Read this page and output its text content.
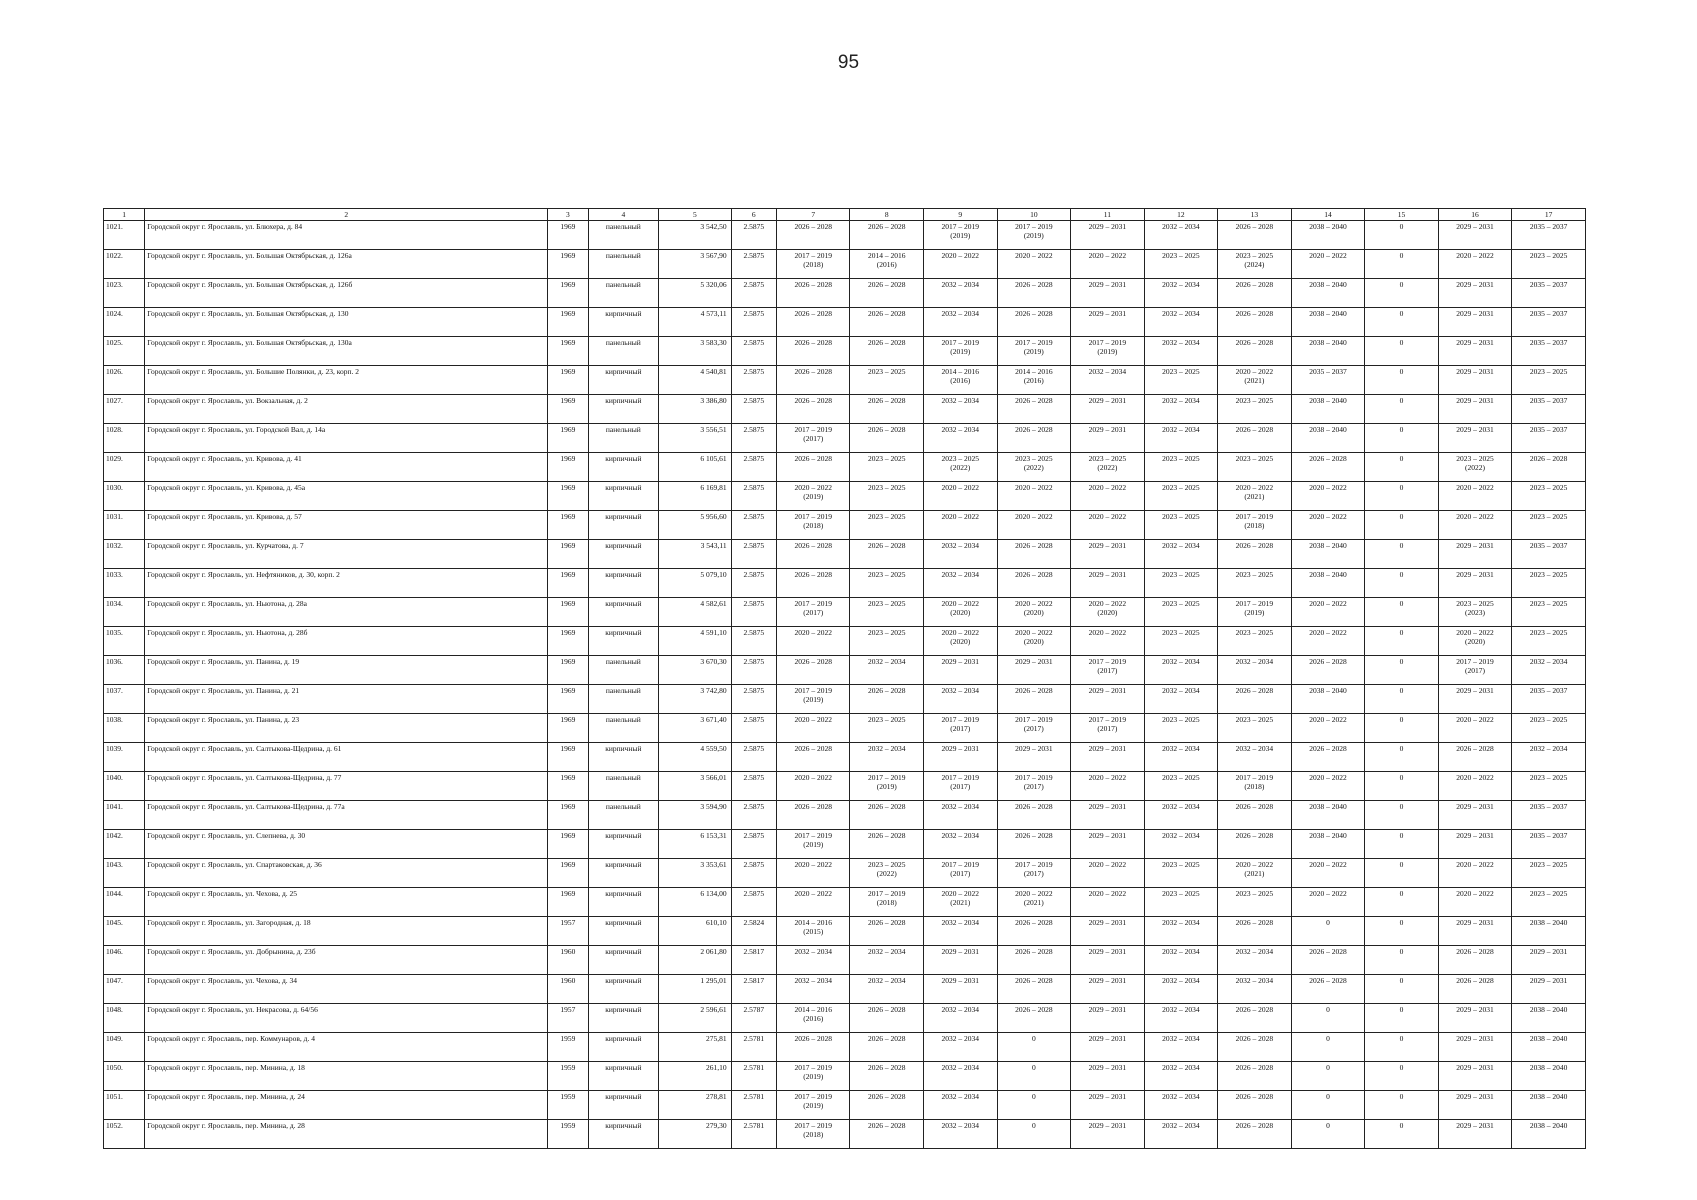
95
1	2	3	4	5	6	7	8	9	10	11	12	13	14	15	16	17

1021.	Городской округ г. Ярославль, ул. Блюхера, д. 84	1969	панельный	3 542,50	2.5875	2026 – 2028	2026 – 2028	2017 – 2019
(2019)	2017 – 2019
(2019)	2029 – 2031	2032 – 2034	2026 – 2028	2038 – 2040	0	2029 – 2031	2035 – 2037

1022.	Городской округ г. Ярославль, ул. Большая Октябрьская, д. 126а	1969	панельный	3 567,90	2.5875	2017 – 2019
(2018)	2014 – 2016
(2016)	2020 – 2022	2020 – 2022	2020 – 2022	2023 – 2025	2023 – 2025
(2024)	2020 – 2022	0	2020 – 2022	2023 – 2025

1023.	Городской округ г. Ярославль, ул. Большая Октябрьская, д. 126б	1969	панельный	5 320,06	2.5875	2026 – 2028	2026 – 2028	2032 – 2034	2026 – 2028	2029 – 2031	2032 – 2034	2026 – 2028	2038 – 2040	0	2029 – 2031	2035 – 2037

1024.	Городской округ г. Ярославль, ул. Большая Октябрьская, д. 130	1969	кирпичный	4 573,11	2.5875	2026 – 2028	2026 – 2028	2032 – 2034	2026 – 2028	2029 – 2031	2032 – 2034	2026 – 2028	2038 – 2040	0	2029 – 2031	2035 – 2037

1025.	Городской округ г. Ярославль, ул. Большая Октябрьская, д. 130а	1969	панельный	3 583,30	2.5875	2026 – 2028	2026 – 2028	2017 – 2019
(2019)	2017 – 2019
(2019)	2017 – 2019
(2019)	2032 – 2034	2026 – 2028	2038 – 2040	0	2029 – 2031	2035 – 2037

1026.	Городской округ г. Ярославль, ул. Большие Полянки, д. 23, корп. 2	1969	кирпичный	4 540,81	2.5875	2026 – 2028	2023 – 2025	2014 – 2016
(2016)	2014 – 2016
(2016)	2032 – 2034	2023 – 2025	2020 – 2022
(2021)	2035 – 2037	0	2029 – 2031	2023 – 2025

1027.	Городской округ г. Ярославль, ул. Вокзальная, д. 2	1969	кирпичный	3 386,80	2.5875	2026 – 2028	2026 – 2028	2032 – 2034	2026 – 2028	2029 – 2031	2032 – 2034	2023 – 2025	2038 – 2040	0	2029 – 2031	2035 – 2037

1028.	Городской округ г. Ярославль, ул. Городской Вал, д. 14а	1969	панельный	3 556,51	2.5875	2017 – 2019
(2017)	2026 – 2028	2032 – 2034	2026 – 2028	2029 – 2031	2032 – 2034	2026 – 2028	2038 – 2040	0	2029 – 2031	2035 – 2037

1029.	Городской округ г. Ярославль, ул. Кривова, д. 41	1969	кирпичный	6 105,61	2.5875	2026 – 2028	2023 – 2025	2023 – 2025
(2022)	2023 – 2025
(2022)	2023 – 2025
(2022)	2023 – 2025	2023 – 2025	2026 – 2028	0	2023 – 2025
(2022)	2026 – 2028

1030.	Городской округ г. Ярославль, ул. Кривова, д. 45а	1969	кирпичный	6 169,81	2.5875	2020 – 2022
(2019)	2023 – 2025	2020 – 2022	2020 – 2022	2020 – 2022	2023 – 2025	2020 – 2022
(2021)	2020 – 2022	0	2020 – 2022	2023 – 2025

1031.	Городской округ г. Ярославль, ул. Кривова, д. 57	1969	кирпичный	5 956,60	2.5875	2017 – 2019
(2018)	2023 – 2025	2020 – 2022	2020 – 2022	2020 – 2022	2023 – 2025	2017 – 2019
(2018)	2020 – 2022	0	2020 – 2022	2023 – 2025

1032.	Городской округ г. Ярославль, ул. Курчатова, д. 7	1969	кирпичный	3 543,11	2.5875	2026 – 2028	2026 – 2028	2032 – 2034	2026 – 2028	2029 – 2031	2032 – 2034	2026 – 2028	2038 – 2040	0	2029 – 2031	2035 – 2037

1033.	Городской округ г. Ярославль, ул. Нефтяников, д. 30, корп. 2	1969	кирпичный	5 079,10	2.5875	2026 – 2028	2023 – 2025	2032 – 2034	2026 – 2028	2029 – 2031	2023 – 2025	2023 – 2025	2038 – 2040	0	2029 – 2031	2023 – 2025

1034.	Городской округ г. Ярославль, ул. Ньютона, д. 28а	1969	кирпичный	4 582,61	2.5875	2017 – 2019
(2017)	2023 – 2025	2020 – 2022
(2020)	2020 – 2022
(2020)	2020 – 2022
(2020)	2023 – 2025	2017 – 2019
(2019)	2020 – 2022	0	2023 – 2025
(2023)	2023 – 2025

1035.	Городской округ г. Ярославль, ул. Ньютона, д. 28б	1969	кирпичный	4 591,10	2.5875	2020 – 2022	2023 – 2025	2020 – 2022
(2020)	2020 – 2022
(2020)	2020 – 2022	2023 – 2025	2023 – 2025	2020 – 2022	0	2020 – 2022
(2020)	2023 – 2025

1036.	Городской округ г. Ярославль, ул. Панина, д. 19	1969	панельный	3 670,30	2.5875	2026 – 2028	2032 – 2034	2029 – 2031	2029 – 2031	2017 – 2019
(2017)	2032 – 2034	2032 – 2034	2026 – 2028	0	2017 – 2019
(2017)	2032 – 2034

1037.	Городской округ г. Ярославль, ул. Панина, д. 21	1969	панельный	3 742,80	2.5875	2017 – 2019
(2019)	2026 – 2028	2032 – 2034	2026 – 2028	2029 – 2031	2032 – 2034	2026 – 2028	2038 – 2040	0	2029 – 2031	2035 – 2037

1038.	Городской округ г. Ярославль, ул. Панина, д. 23	1969	панельный	3 671,40	2.5875	2020 – 2022	2023 – 2025	2017 – 2019
(2017)	2017 – 2019
(2017)	2017 – 2019
(2017)	2023 – 2025	2023 – 2025	2020 – 2022	0	2020 – 2022	2023 – 2025

1039.	Городской округ г. Ярославль, ул. Салтыкова-Щедрина, д. 61	1969	кирпичный	4 559,50	2.5875	2026 – 2028	2032 – 2034	2029 – 2031	2029 – 2031	2029 – 2031	2032 – 2034	2032 – 2034	2026 – 2028	0	2026 – 2028	2032 – 2034

1040.	Городской округ г. Ярославль, ул. Салтыкова-Щедрина, д. 77	1969	панельный	3 566,01	2.5875	2020 – 2022	2017 – 2019
(2019)	2017 – 2019
(2017)	2017 – 2019
(2017)	2020 – 2022	2023 – 2025	2017 – 2019
(2018)	2020 – 2022	0	2020 – 2022	2023 – 2025

1041.	Городской округ г. Ярославль, ул. Салтыкова-Щедрина, д. 77а	1969	панельный	3 594,90	2.5875	2026 – 2028	2026 – 2028	2032 – 2034	2026 – 2028	2029 – 2031	2032 – 2034	2026 – 2028	2038 – 2040	0	2029 – 2031	2035 – 2037

1042.	Городской округ г. Ярославль, ул. Слепнева, д. 30	1969	кирпичный	6 153,31	2.5875	2017 – 2019
(2019)	2026 – 2028	2032 – 2034	2026 – 2028	2029 – 2031	2032 – 2034	2026 – 2028	2038 – 2040	0	2029 – 2031	2035 – 2037

1043.	Городской округ г. Ярославль, ул. Спартаковская, д. 36	1969	кирпичный	3 353,61	2.5875	2020 – 2022	2023 – 2025
(2022)	2017 – 2019
(2017)	2017 – 2019
(2017)	2020 – 2022	2023 – 2025	2020 – 2022
(2021)	2020 – 2022	0	2020 – 2022	2023 – 2025

1044.	Городской округ г. Ярославль, ул. Чехова, д. 25	1969	кирпичный	6 134,00	2.5875	2020 – 2022	2017 – 2019
(2018)	2020 – 2022
(2021)	2020 – 2022
(2021)	2020 – 2022	2023 – 2025	2023 – 2025	2020 – 2022	0	2020 – 2022	2023 – 2025

1045.	Городской округ г. Ярославль, ул. Загородная, д. 18	1957	кирпичный	610,10	2.5824	2014 – 2016
(2015)	2026 – 2028	2032 – 2034	2026 – 2028	2029 – 2031	2032 – 2034	2026 – 2028	0	0	2029 – 2031	2038 – 2040

1046.	Городской округ г. Ярославль, ул. Добрынина, д. 23б	1960	кирпичный	2 061,80	2.5817	2032 – 2034	2032 – 2034	2029 – 2031	2026 – 2028	2029 – 2031	2032 – 2034	2032 – 2034	2026 – 2028	0	2026 – 2028	2029 – 2031

1047.	Городской округ г. Ярославль, ул. Чехова, д. 34	1960	кирпичный	1 295,01	2.5817	2032 – 2034	2032 – 2034	2029 – 2031	2026 – 2028	2029 – 2031	2032 – 2034	2032 – 2034	2026 – 2028	0	2026 – 2028	2029 – 2031

1048.	Городской округ г. Ярославль, ул. Некрасова, д. 64/56	1957	кирпичный	2 596,61	2.5787	2014 – 2016
(2016)	2026 – 2028	2032 – 2034	2026 – 2028	2029 – 2031	2032 – 2034	2026 – 2028	0	0	2029 – 2031	2038 – 2040

1049.	Городской округ г. Ярославль, пер. Коммунаров, д. 4	1959	кирпичный	275,81	2.5781	2026 – 2028	2026 – 2028	2032 – 2034	0	2029 – 2031	2032 – 2034	2026 – 2028	0	0	2029 – 2031	2038 – 2040

1050.	Городской округ г. Ярославль, пер. Минина, д. 18	1959	кирпичный	261,10	2.5781	2017 – 2019
(2019)	2026 – 2028	2032 – 2034	0	2029 – 2031	2032 – 2034	2026 – 2028	0	0	2029 – 2031	2038 – 2040

1051.	Городской округ г. Ярославль, пер. Минина, д. 24	1959	кирпичный	278,81	2.5781	2017 – 2019
(2019)	2026 – 2028	2032 – 2034	0	2029 – 2031	2032 – 2034	2026 – 2028	0	0	2029 – 2031	2038 – 2040

1052.	Городской округ г. Ярославль, пер. Минина, д. 28	1959	кирпичный	279,30	2.5781	2017 – 2019
(2018)	2026 – 2028	2032 – 2034	0	2029 – 2031	2032 – 2034	2026 – 2028	0	0	2029 – 2031	2038 – 2040
